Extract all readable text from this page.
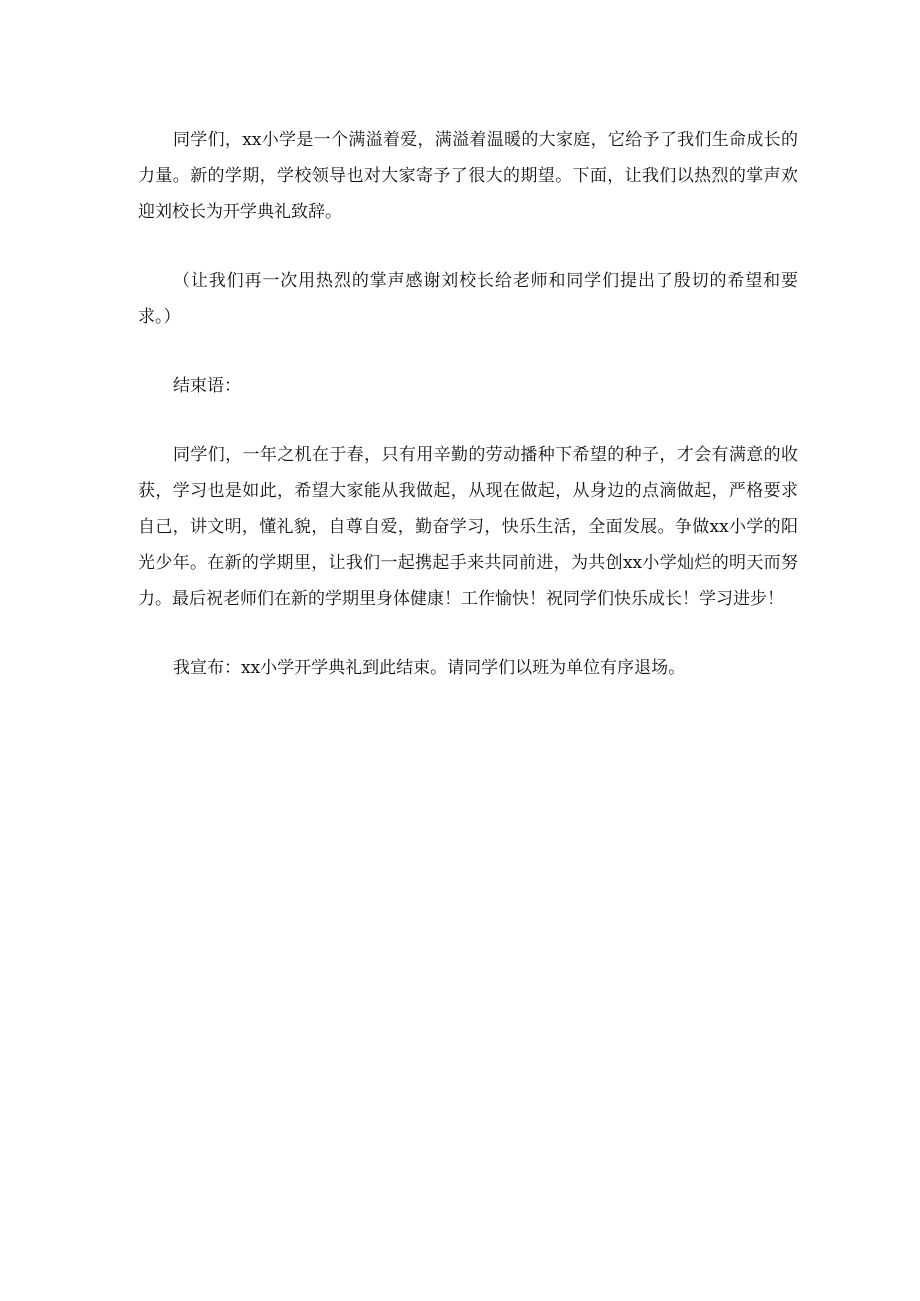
同学们，xx小学是一个满溢着爱，满溢着温暖的大家庭，它给予了我们生命成长的力量。新的学期，学校领导也对大家寄予了很大的期望。下面，让我们以热烈的掌声欢迎刘校长为开学典礼致辞。

（让我们再一次用热烈的掌声感谢刘校长给老师和同学们提出了殷切的希望和要求。）

结束语：

同学们，一年之机在于春，只有用辛勤的劳动播种下希望的种子，才会有满意的收获，学习也是如此，希望大家能从我做起，从现在做起，从身边的点滴做起，严格要求自己，讲文明，懂礼貌，自尊自爱，勤奋学习，快乐生活，全面发展。争做xx小学的阳光少年。在新的学期里，让我们一起携起手来共同前进，为共创xx小学灿烂的明天而努力。最后祝老师们在新的学期里身体健康！工作愉快！祝同学们快乐成长！学习进步！

我宣布：xx小学开学典礼到此结束。请同学们以班为单位有序退场。
